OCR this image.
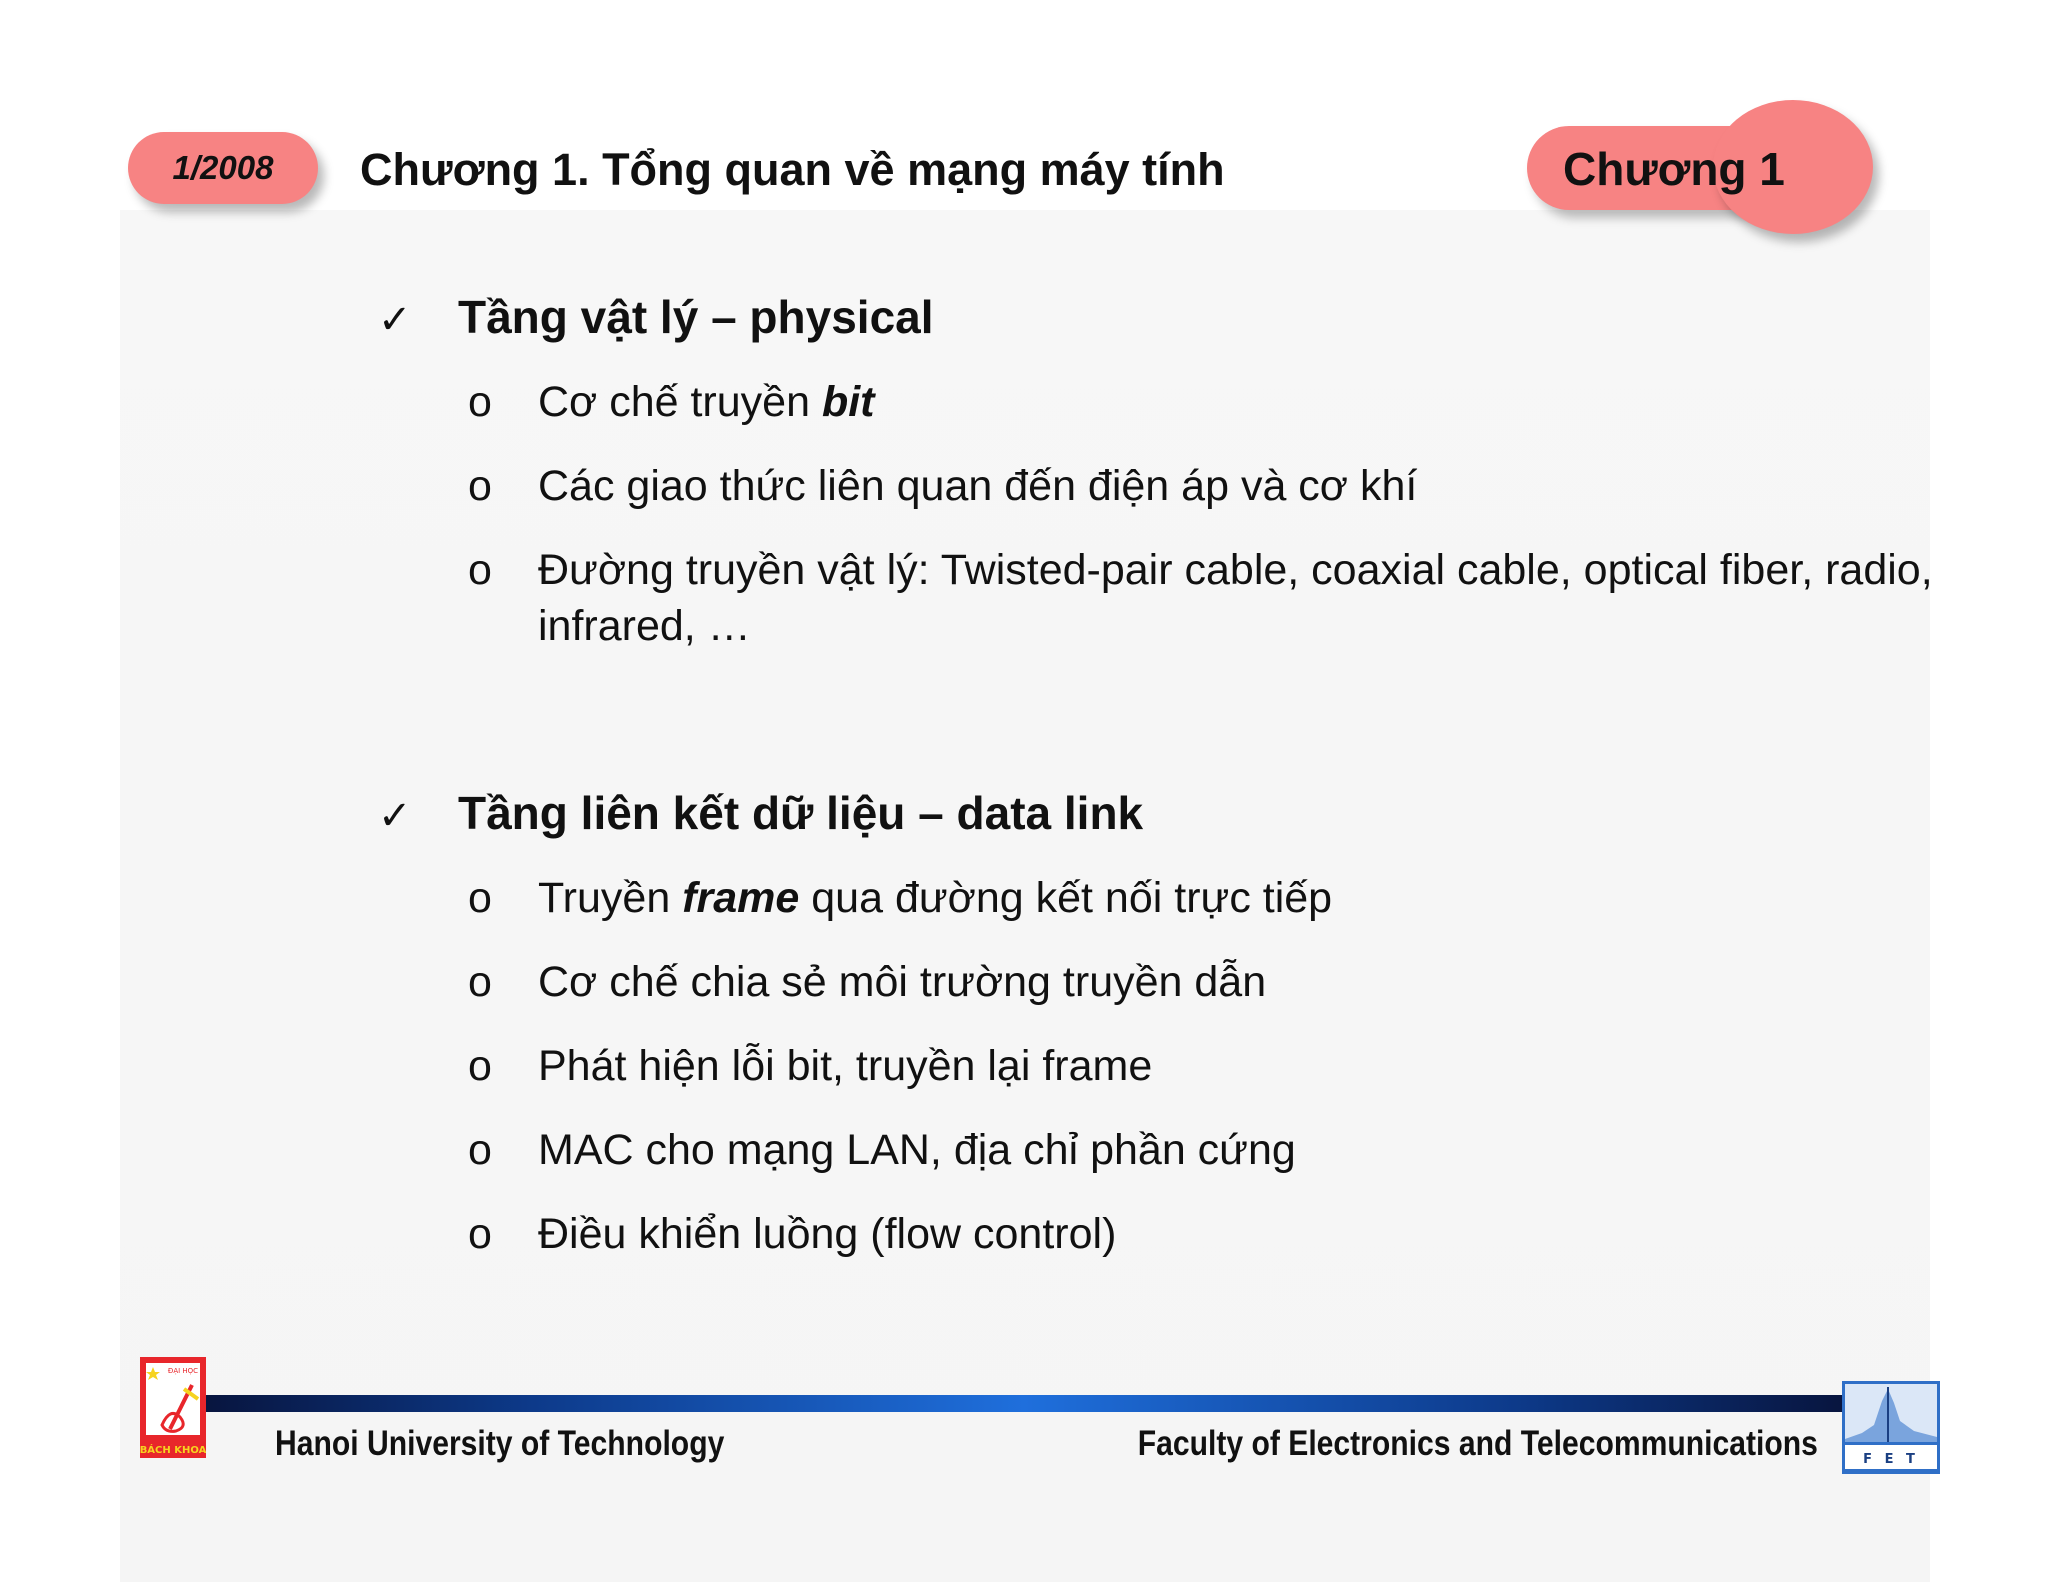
1/2008 Chương 1. Tổng quan về mạng máy tính	Chương 1
✓	Tầng vật lý – physical
o	Cơ chế truyền bit
o	Các giao thức liên quan đến điện áp và cơ khí
o	Đường truyền vật lý: Twisted-pair cable, coaxial cable, optical fiber, radio, infrared, …
✓	Tầng liên kết dữ liệu – data link
o	Truyền frame qua đường kết nối trực tiếp
o	Cơ chế chia sẻ môi trường truyền dẫn
o	Phát hiện lỗi bit, truyền lại frame
o	MAC cho mạng LAN, địa chỉ phần cứng
o	Điều khiển luồng (flow control)
ĐẠI HỌC
BÁCH KHOA Hanoi University of Technology	Faculty of Electronics and Telecommunications	F E T
